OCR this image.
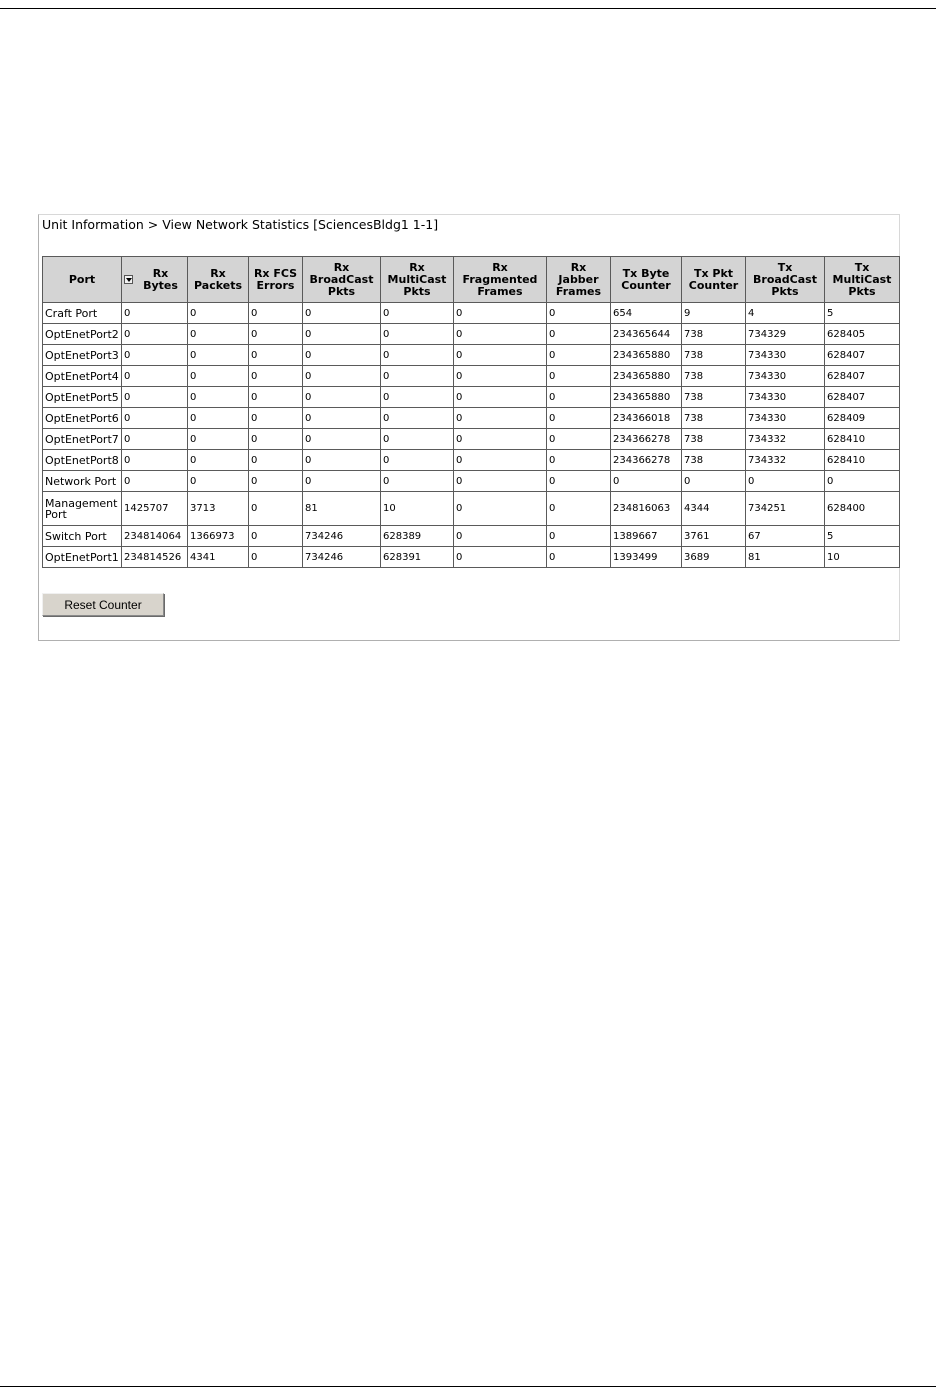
Unit Information > View Network Statistics [SciencesBldg1 1-1]
Port	Rx Bytes	Rx Packets	Rx FCS Errors	Rx BroadCast Pkts	Rx MultiCast Pkts	Rx Fragmented Frames	Rx Jabber Frames	Tx Byte Counter	Tx Pkt Counter	Tx BroadCast Pkts	Tx MultiCast Pkts
Craft Port	0	0	0	0	0	0	0	654	9	4	5
OptEnetPort2	0	0	0	0	0	0	0	234365644	738	734329	628405
OptEnetPort3	0	0	0	0	0	0	0	234365880	738	734330	628407
OptEnetPort4	0	0	0	0	0	0	0	234365880	738	734330	628407
OptEnetPort5	0	0	0	0	0	0	0	234365880	738	734330	628407
OptEnetPort6	0	0	0	0	0	0	0	234366018	738	734330	628409
OptEnetPort7	0	0	0	0	0	0	0	234366278	738	734332	628410
OptEnetPort8	0	0	0	0	0	0	0	234366278	738	734332	628410
Network Port	0	0	0	0	0	0	0	0	0	0	0
Management Port	1425707	3713	0	81	10	0	0	234816063	4344	734251	628400
Switch Port	234814064	1366973	0	734246	628389	0	0	1389667	3761	67	5
OptEnetPort1	234814526	4341	0	734246	628391	0	0	1393499	3689	81	10
Reset Counter
